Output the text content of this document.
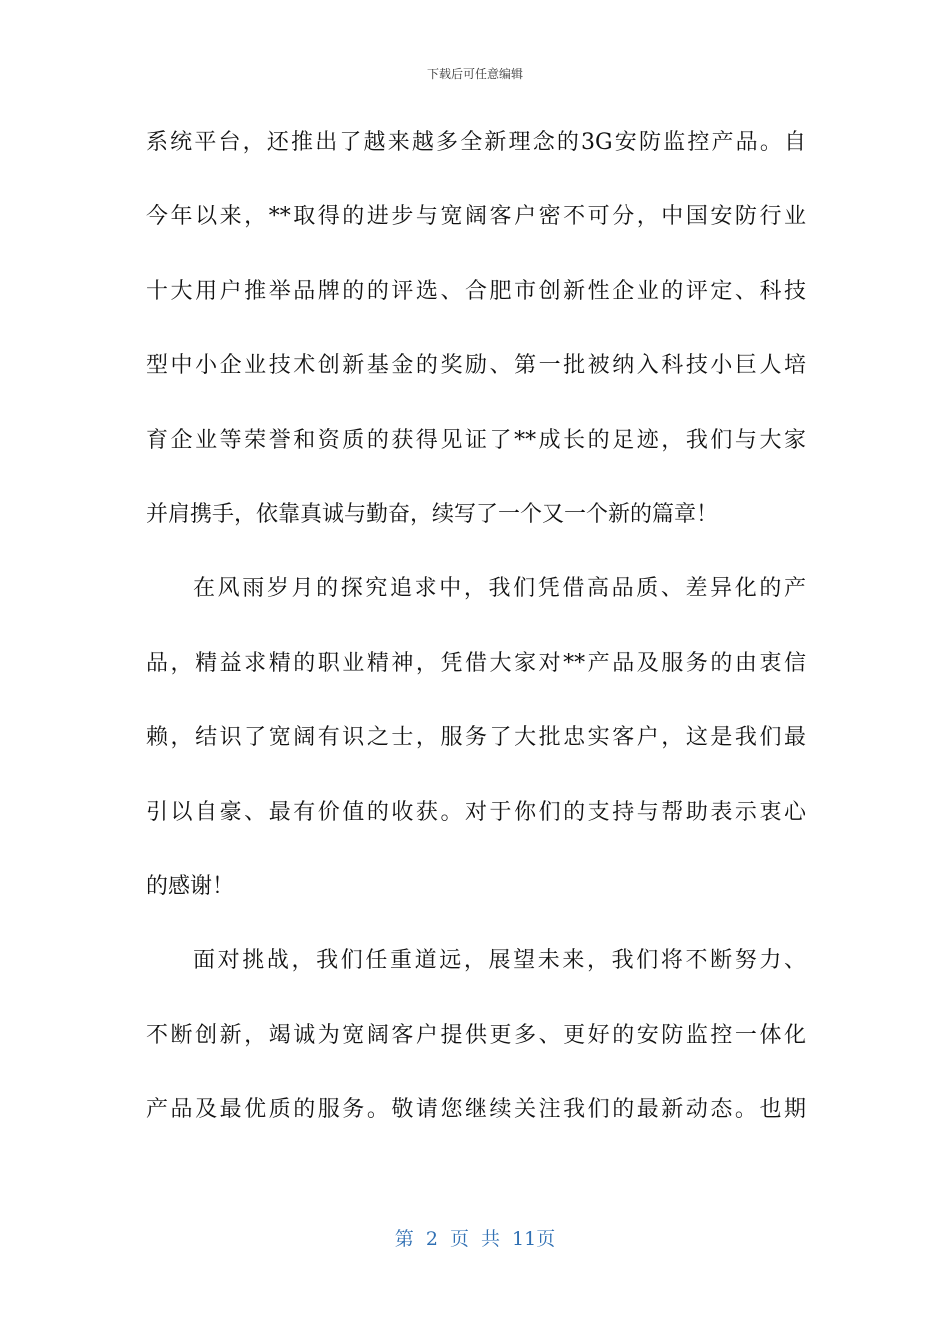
下载后可任意编辑
系统平台，还推出了越来越多全新理念的3G安防监控产品。自
今年以来，**取得的进步与宽阔客户密不可分，中国安防行业
十大用户推举品牌的的评选、合肥市创新性企业的评定、科技
型中小企业技术创新基金的奖励、第一批被纳入科技小巨人培
育企业等荣誉和资质的获得见证了**成长的足迹，我们与大家
并肩携手，依靠真诚与勤奋，续写了一个又一个新的篇章！
在风雨岁月的探究追求中，我们凭借高品质、差异化的产
品，精益求精的职业精神，凭借大家对**产品及服务的由衷信
赖，结识了宽阔有识之士，服务了大批忠实客户，这是我们最
引以自豪、最有价值的收获。对于你们的支持与帮助表示衷心
的感谢！
面对挑战，我们任重道远，展望未来，我们将不断努力、
不断创新，竭诚为宽阔客户提供更多、更好的安防监控一体化
产品及最优质的服务。敬请您继续关注我们的最新动态。也期
第 2 页 共 11页
